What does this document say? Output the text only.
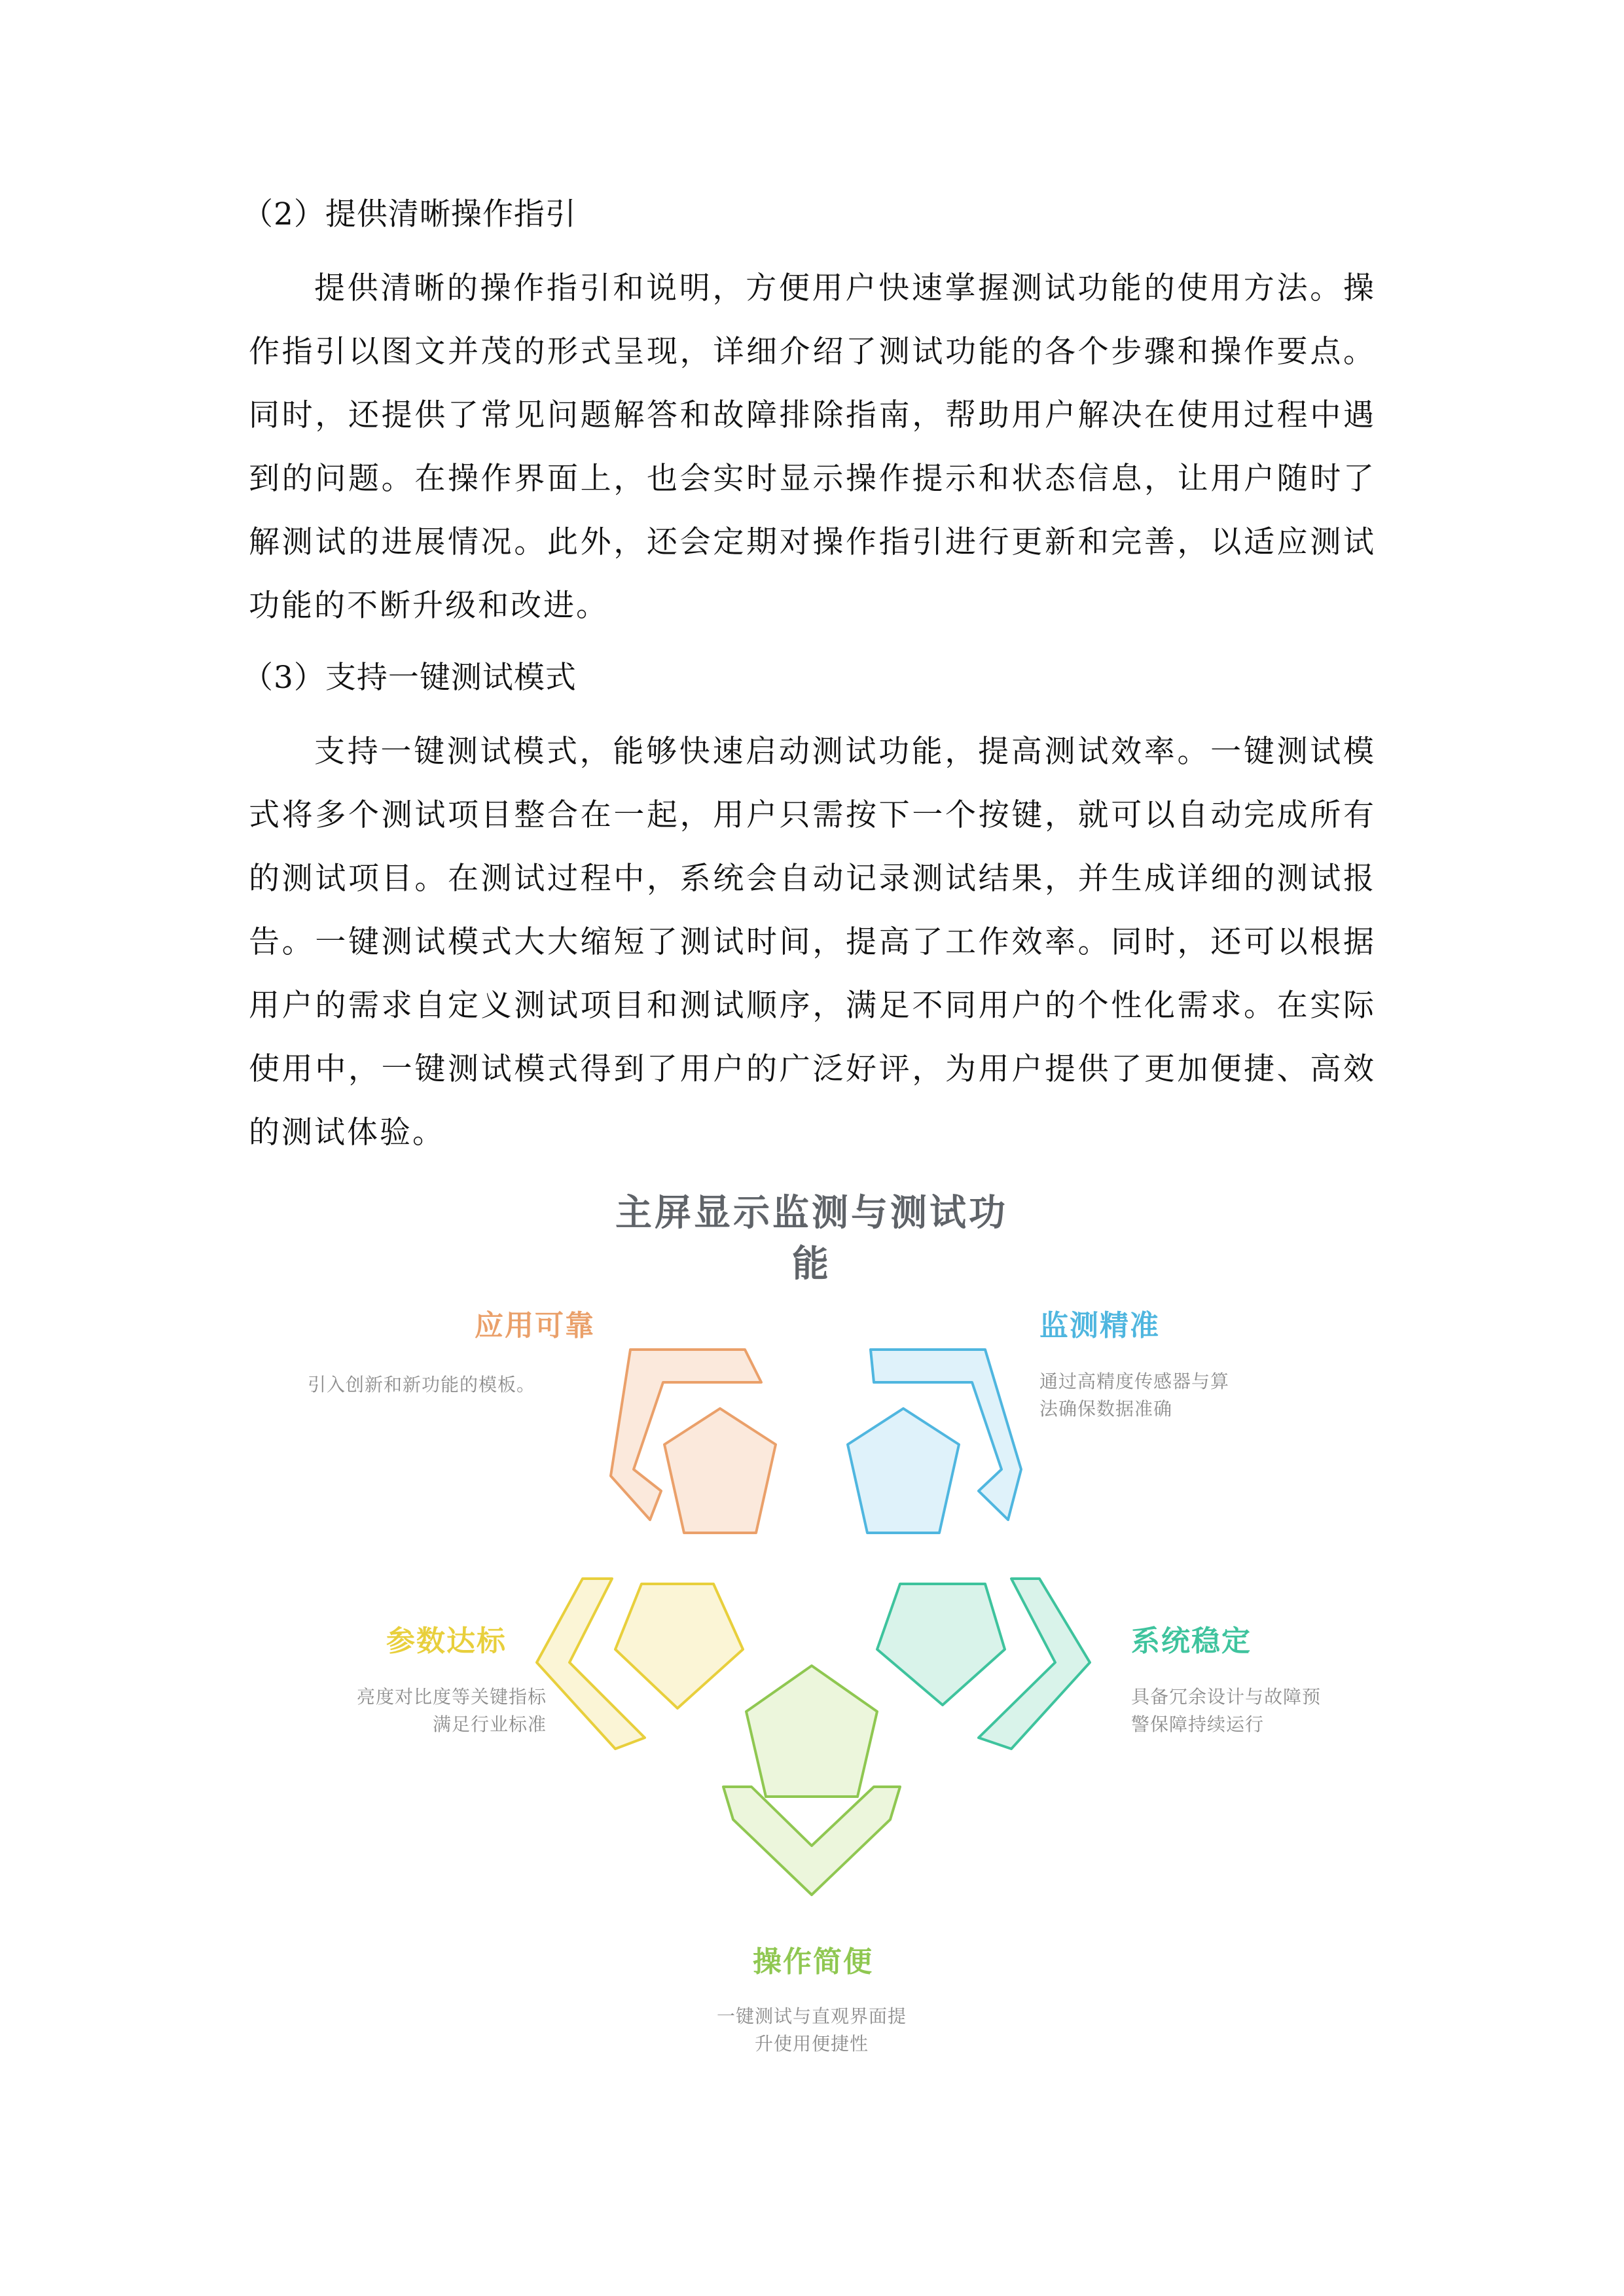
（2）提供清晰操作指引

提供清晰的操作指引和说明，方便用户快速掌握测试功能的使用方法。操作指引以图文并茂的形式呈现，详细介绍了测试功能的各个步骤和操作要点。同时，还提供了常见问题解答和故障排除指南，帮助用户解决在使用过程中遇到的问题。在操作界面上，也会实时显示操作提示和状态信息，让用户随时了解测试的进展情况。此外，还会定期对操作指引进行更新和完善，以适应测试功能的不断升级和改进。

（3）支持一键测试模式

支持一键测试模式，能够快速启动测试功能，提高测试效率。一键测试模式将多个测试项目整合在一起，用户只需按下一个按键，就可以自动完成所有的测试项目。在测试过程中，系统会自动记录测试结果，并生成详细的测试报告。一键测试模式大大缩短了测试时间，提高了工作效率。同时，还可以根据用户的需求自定义测试项目和测试顺序，满足不同用户的个性化需求。在实际使用中，一键测试模式得到了用户的广泛好评，为用户提供了更加便捷、高效的测试体验。

主屏显示监测与测试功
能
应用可靠
引入创新和新功能的模板。
监测精准
通过高精度传感器与算
法确保数据准确
系统稳定
具备冗余设计与故障预
警保障持续运行
参数达标
亮度对比度等关键指标
满足行业标准
操作简便
一键测试与直观界面提
升使用便捷性
